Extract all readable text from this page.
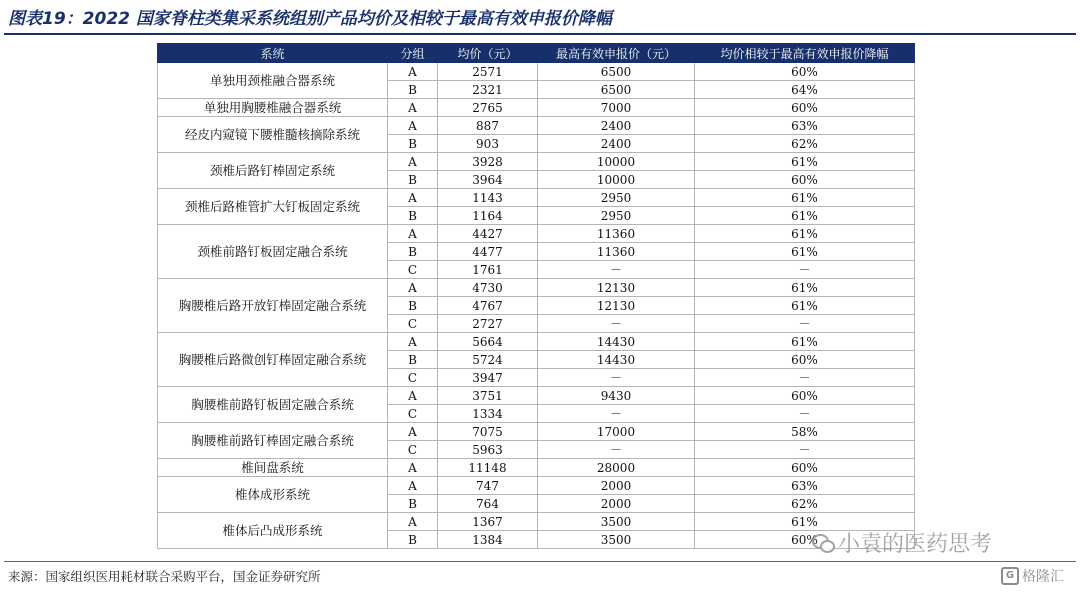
图表19：2022 国家脊柱类集采系统组别产品均价及相较于最高有效申报价降幅
系统	分组	均价（元）	最高有效申报价（元）	均价相较于最高有效申报价降幅
单独用颈椎融合器系统	A	2571	6500	60%
	B	2321	6500	64%
单独用胸腰椎融合器系统	A	2765	7000	60%
经皮内窥镜下腰椎髓核摘除系统	A	887	2400	63%
	B	903	2400	62%
颈椎后路钉棒固定系统	A	3928	10000	61%
	B	3964	10000	60%
颈椎后路椎管扩大钉板固定系统	A	1143	2950	61%
	B	1164	2950	61%
颈椎前路钉板固定融合系统	A	4427	11360	61%
	B	4477	11360	61%
	C	1761	－	－
胸腰椎后路开放钉棒固定融合系统	A	4730	12130	61%
	B	4767	12130	61%
	C	2727	－	－
胸腰椎后路微创钉棒固定融合系统	A	5664	14430	61%
	B	5724	14430	60%
	C	3947	－	－
胸腰椎前路钉板固定融合系统	A	3751	9430	60%
	C	1334	－	－
胸腰椎前路钉棒固定融合系统	A	7075	17000	58%
	C	5963	－	－
椎间盘系统	A	11148	28000	60%
椎体成形系统	A	747	2000	63%
	B	764	2000	62%
椎体后凸成形系统	A	1367	3500	61%
	B	1384	3500	60% 小袁的医药思考
来源：国家组织医用耗材联合采购平台，国金证券研究所	G 格隆汇
